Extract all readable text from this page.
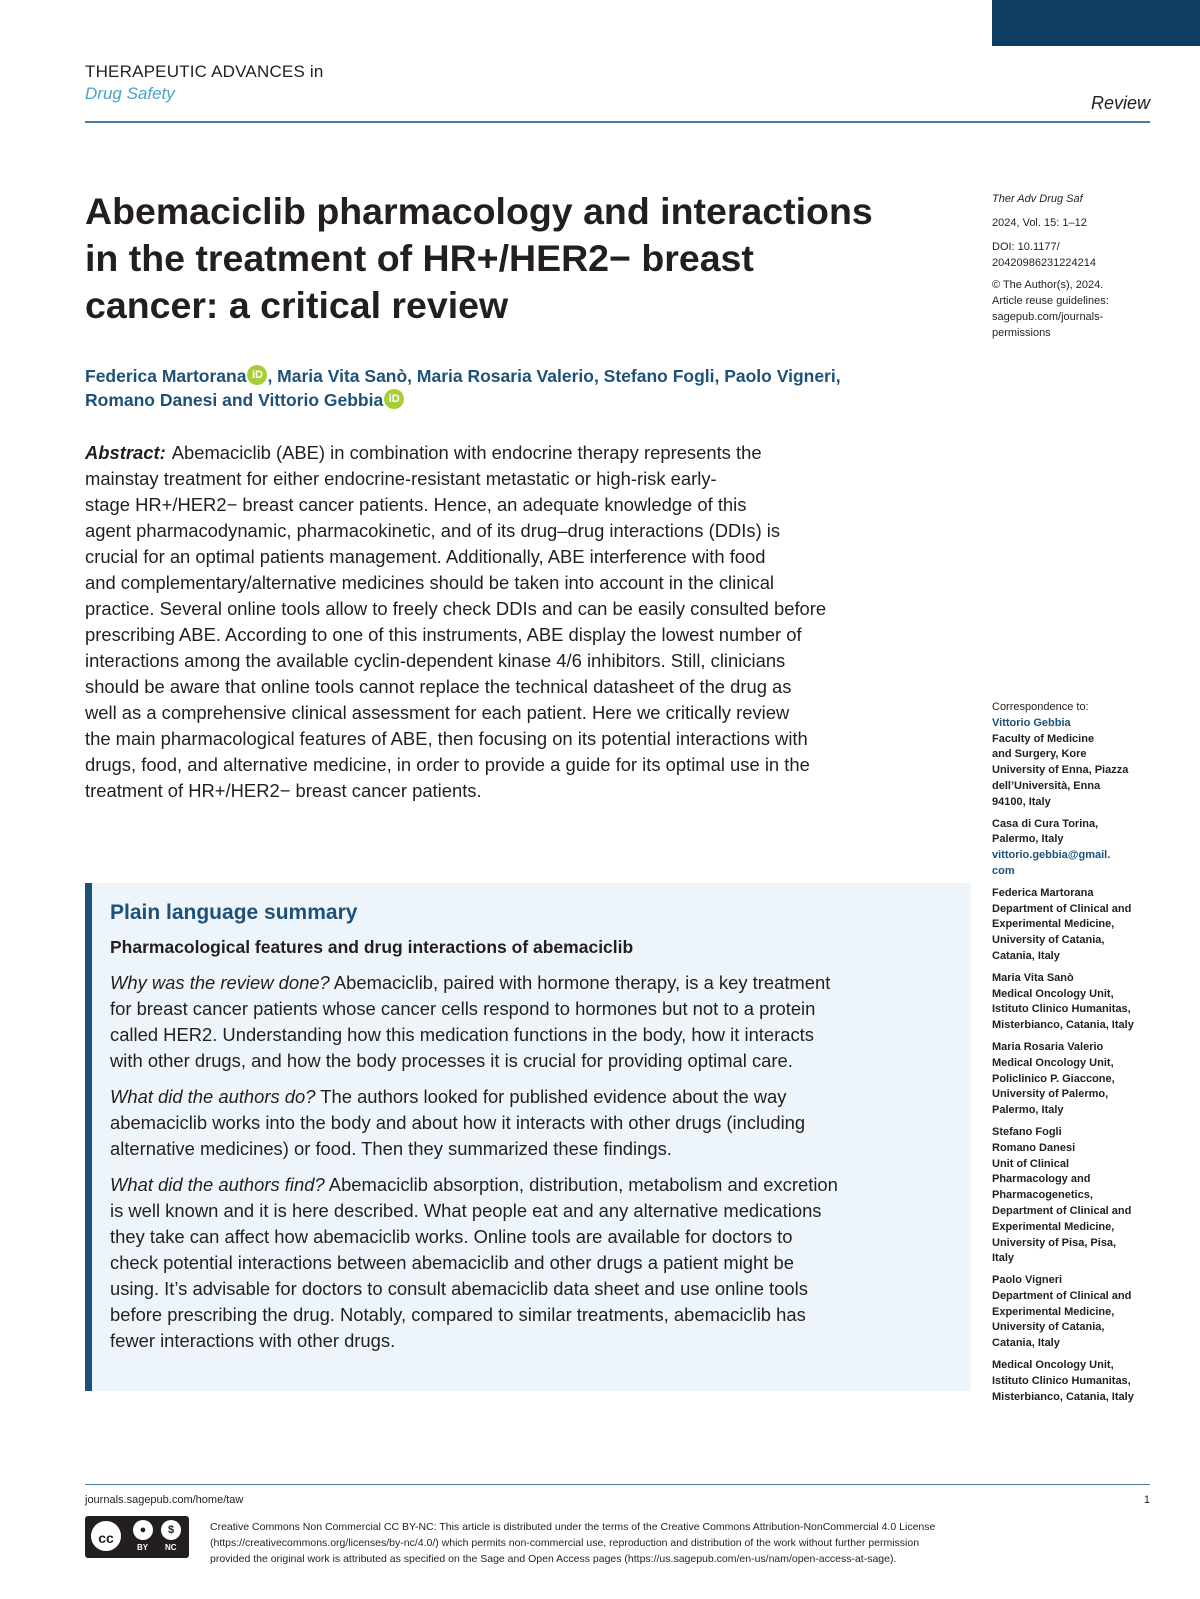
THERAPEUTIC ADVANCES in
Drug Safety	Review
Abemaciclib pharmacology and interactions
in the treatment of HR+/HER2− breast
cancer: a critical review
Federica Martorana iD , Maria Vita Sanò, Maria Rosaria Valerio, Stefano Fogli, Paolo Vigneri,
Romano Danesi and Vittorio Gebbia iD

Abstract: Abemaciclib (ABE) in combination with endocrine therapy represents the
mainstay treatment for either endocrine-resistant metastatic or high-risk early-
stage HR+/HER2− breast cancer patients. Hence, an adequate knowledge of this
agent pharmacodynamic, pharmacokinetic, and of its drug–drug interactions (DDIs) is
crucial for an optimal patients management. Additionally, ABE interference with food
and complementary/alternative medicines should be taken into account in the clinical
practice. Several online tools allow to freely check DDIs and can be easily consulted before
prescribing ABE. According to one of this instruments, ABE display the lowest number of
interactions among the available cyclin-dependent kinase 4/6 inhibitors. Still, clinicians
should be aware that online tools cannot replace the technical datasheet of the drug as
well as a comprehensive clinical assessment for each patient. Here we critically review
the main pharmacological features of ABE, then focusing on its potential interactions with
drugs, food, and alternative medicine, in order to provide a guide for its optimal use in the
treatment of HR+/HER2− breast cancer patients.

Plain language summary
Pharmacological features and drug interactions of abemaciclib

Why was the review done? Abemaciclib, paired with hormone therapy, is a key treatment
for breast cancer patients whose cancer cells respond to hormones but not to a protein
called HER2. Understanding how this medication functions in the body, how it interacts
with other drugs, and how the body processes it is crucial for providing optimal care.

What did the authors do? The authors looked for published evidence about the way
abemaciclib works into the body and about how it interacts with other drugs (including
alternative medicines) or food. Then they summarized these findings.

What did the authors find? Abemaciclib absorption, distribution, metabolism and excretion
is well known and it is here described. What people eat and any alternative medications
they take can affect how abemaciclib works. Online tools are available for doctors to
check potential interactions between abemaciclib and other drugs a patient might be
using. It’s advisable for doctors to consult abemaciclib data sheet and use online tools
before prescribing the drug. Notably, compared to similar treatments, abemaciclib has
fewer interactions with other drugs.

Ther Adv Drug Saf
2024, Vol. 15: 1–12
DOI: 10.1177/
20420986231224214
© The Author(s), 2024.
Article reuse guidelines:
sagepub.com/journals-
permissions
Correspondence to:
Vittorio Gebbia
Faculty of Medicine
and Surgery, Kore
University of Enna, Piazza
dell’Università, Enna
94100, Italy
Casa di Cura Torina,
Palermo, Italy
vittorio.gebbia@gmail.
com
Federica Martorana
Department of Clinical and
Experimental Medicine,
University of Catania,
Catania, Italy
Maria Vita Sanò
Medical Oncology Unit,
Istituto Clinico Humanitas,
Misterbianco, Catania, Italy
Maria Rosaria Valerio
Medical Oncology Unit,
Policlinico P. Giaccone,
University of Palermo,
Palermo, Italy
Stefano Fogli
Romano Danesi
Unit of Clinical
Pharmacology and
Pharmacogenetics,
Department of Clinical and
Experimental Medicine,
University of Pisa, Pisa,
Italy
Paolo Vigneri
Department of Clinical and
Experimental Medicine,
University of Catania,
Catania, Italy
Medical Oncology Unit,
Istituto Clinico Humanitas,
Misterbianco, Catania, Italy
journals.sagepub.com/home/taw	1
cc	●	$
BY NC
Creative Commons Non Commercial CC BY-NC: This article is distributed under the terms of the Creative Commons Attribution-NonCommercial 4.0 License
(https://creativecommons.org/licenses/by-nc/4.0/) which permits non-commercial use, reproduction and distribution of the work without further permission
provided the original work is attributed as specified on the Sage and Open Access pages (https://us.sagepub.com/en-us/nam/open-access-at-sage).
